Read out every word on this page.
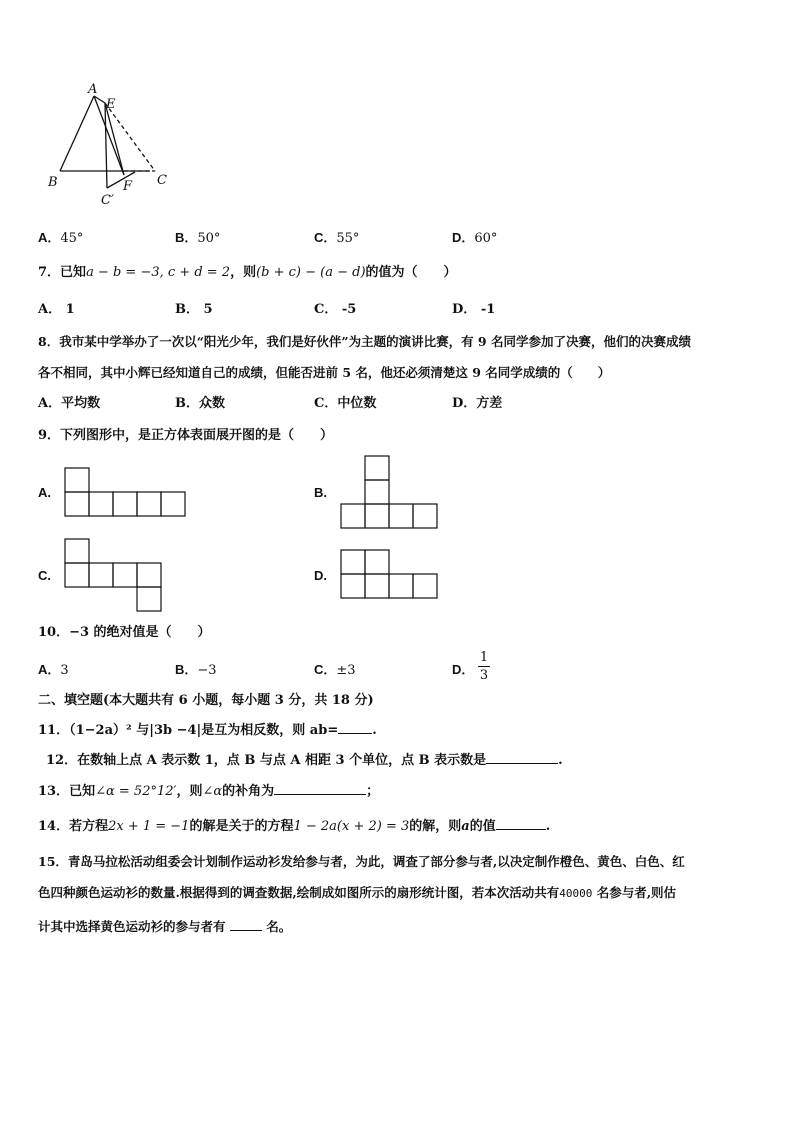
A
E
B	C
C′
F
A．45°	B．50°	C．55°	D．60°
7．已知a − b = −3, c + d = 2，则(b + c) − (a − d)的值为（　　）
A． 1	B． 5	C． -5	D． -1
8．我市某中学举办了一次以“阳光少年，我们是好伙伴”为主题的演讲比赛，有 9 名同学参加了决赛，他们的决赛成绩
各不相同，其中小辉已经知道自己的成绩，但能否进前 5 名，他还必须清楚这 9 名同学成绩的（　　）
A．平均数	B．众数	C．中位数	D．方差
9．下列图形中，是正方体表面展开图的是（　　）
A.	B.
C.	D.
10．−3 的绝对值是（　　）
A．3	B．−3	C．±3	D．
1
3
二、填空题(本大题共有 6 小题，每小题 3 分，共 18 分)
11．（1−2a）² 与|3b −4|是互为相反数，则 ab=	.
12．在数轴上点 A 表示数 1，点 B 与点 A 相距 3 个单位，点 B 表示数是	.
13．已知∠α = 52°12′，则∠α的补角为	；
14．若方程2x + 1 = −1的解是关于的方程1 − 2a(x + 2) = 3的解，则a的值	.
15．青岛马拉松活动组委会计划制作运动衫发给参与者，为此，调查了部分参与者,以决定制作橙色、黄色、白色、红
色四种颜色运动衫的数量.根据得到的调查数据,绘制成如图所示的扇形统计图，若本次活动共有40000 名参与者,则估
计其中选择黄色运动衫的参与者有	名。
